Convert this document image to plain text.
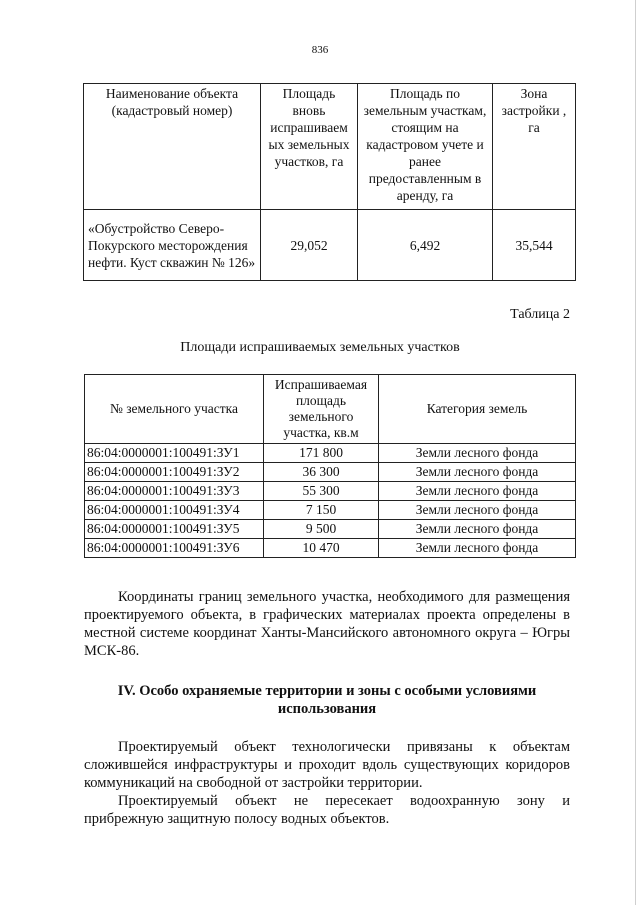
836
Наименование объекта (кадастровый номер)	Площадь вновь испрашиваем ых земельных участков, га	Площадь по земельным участкам, стоящим на кадастровом учете и ранее предоставленным в аренду, га	Зона застройки , га
«Обустройство Северо-Покурского месторождения нефти. Куст скважин № 126»	29,052	6,492	35,544
Таблица 2
Площади испрашиваемых земельных участков
№ земельного участка	Испрашиваемая площадь земельного участка, кв.м	Категория земель
86:04:0000001:100491:ЗУ1	171 800	Земли лесного фонда
86:04:0000001:100491:ЗУ2	36 300	Земли лесного фонда
86:04:0000001:100491:ЗУ3	55 300	Земли лесного фонда
86:04:0000001:100491:ЗУ4	7 150	Земли лесного фонда
86:04:0000001:100491:ЗУ5	9 500	Земли лесного фонда
86:04:0000001:100491:ЗУ6	10 470	Земли лесного фонда
Координаты границ земельного участка, необходимого для размещения проектируемого объекта, в графических материалах проекта определены в местной системе координат Ханты-Мансийского автономного округа – Югры МСК-86.
IV. Особо охраняемые территории и зоны с особыми условиями использования
Проектируемый объект технологически привязаны к объектам сложившейся инфраструктуры и проходит вдоль существующих коридоров коммуникаций на свободной от застройки территории.
Проектируемый объект не пересекает водоохранную зону и прибрежную защитную полосу водных объектов.
